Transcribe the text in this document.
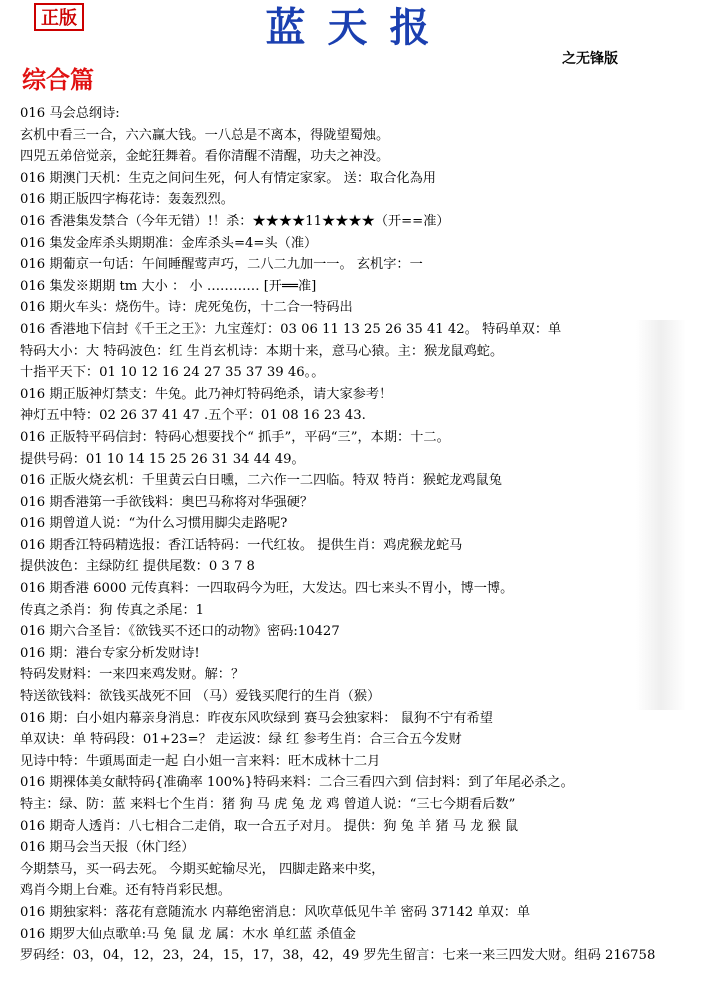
正版	蓝天报
之无锋版
综合篇
016 马会总纲诗:
玄机中看三一合，六六赢大钱。一八总是不离本，得陇望蜀烛。
四兕五弟倍觉亲，金蛇狂舞着。看你清醒不清醒，功夫之神没。
016 期澳门天机：生克之间问生死，何人有情定家家。 送：取合化為用
016 期正版四字梅花诗：轰轰烈烈。
016 香港集发禁合（今年无错）!！杀：★★★★11★★★★（开==准）
016 集发金库杀头期期准：金库杀头=4=头（准）
016 期葡京一句话：午间睡醒莺声巧，二八二九加一一。 玄机字：一
016 集发※期期 tm 大小 ： 小 ………… [开══准]
016 期火车头：烧伤牛。诗：虎死兔伤，十二合一特码出
016 香港地下信封《千王之王》：九宝莲灯：03 06 11 13 25 26 35 41 42。 特码单双：单
特码大小：大 特码波色：红 生肖玄机诗：本期十来，意马心猿。主：猴龙鼠鸡蛇。
十指平天下：01 10 12 16 24 27 35 37 39 46。。
016 期正版神灯禁支：牛兔。此乃神灯特码绝杀，请大家参考！
神灯五中特：02 26 37 41 47 .五个平：01 08 16 23 43.
016 正版特平码信封：特码心想要找个“ 抓手”，平码“三”，本期：十二。
提供号码：01 10 14 15 25 26 31 34 44 49。
016 正版火烧玄机：千里黄云白日曛，二六作一二四临。特双 特肖：猴蛇龙鸡鼠兔
016 期香港第一手欲钱料：奥巴马称将对华强硬？
016 期曾道人说：“为什么习惯用脚尖走路呢?
016 期香江特码精选报：香江话特码：一代红妆。 提供生肖：鸡虎猴龙蛇马
提供波色：主绿防红 提供尾数：0 3 7 8
016 期香港 6000 元传真料：一四取码今为旺，大发达。四七来头不胃小，博一博。
传真之杀肖：狗 传真之杀尾：1
016 期六合圣旨：《欲钱买不还口的动物》密码:10427
016 期：港台专家分析发财诗!
特码发财料：一来四来鸡发财。解：？
特送欲钱料：欲钱买战死不回 （马）爱钱买爬行的生肖（猴）
016 期：白小姐内幕亲身消息：昨夜东风吹绿到 赛马会独家料： 鼠狗不宁有希望
单双诀：单 特码段：01+23=？ 走运波：绿 红 参考生肖：合三合五今发财
见诗中特：牛頭馬面走一起 白小姐一言来料：旺木成林十二月
016 期裸体美女献特码{准确率 100%}特码来料：二合三看四六到 信封料：到了年尾必杀之。
特主：绿、防：蓝 来料七个生肖：猪 狗 马 虎 兔 龙 鸡 曾道人说：“三七今期看后数”
016 期奇人透肖：八七相合二走俏，取一合五子对月。 提供：狗 兔 羊 猪 马 龙 猴 鼠
016 期马会当天报（休门经）
今期禁马，买一码去死。 今期买蛇输尽光， 四脚走路来中奖，
鸡肖今期上台难。还有特肖彩民想。
016 期独家料：落花有意随流水 内幕绝密消息：风吹草低见牛羊 密码 37142 单双：单
016 期罗大仙点歌单:马 兔 鼠 龙 属：木水 单红蓝 杀值金
罗码经：03，04，12，23，24，15，17，38，42，49 罗先生留言：七来一来三四发大财。组码 216758
